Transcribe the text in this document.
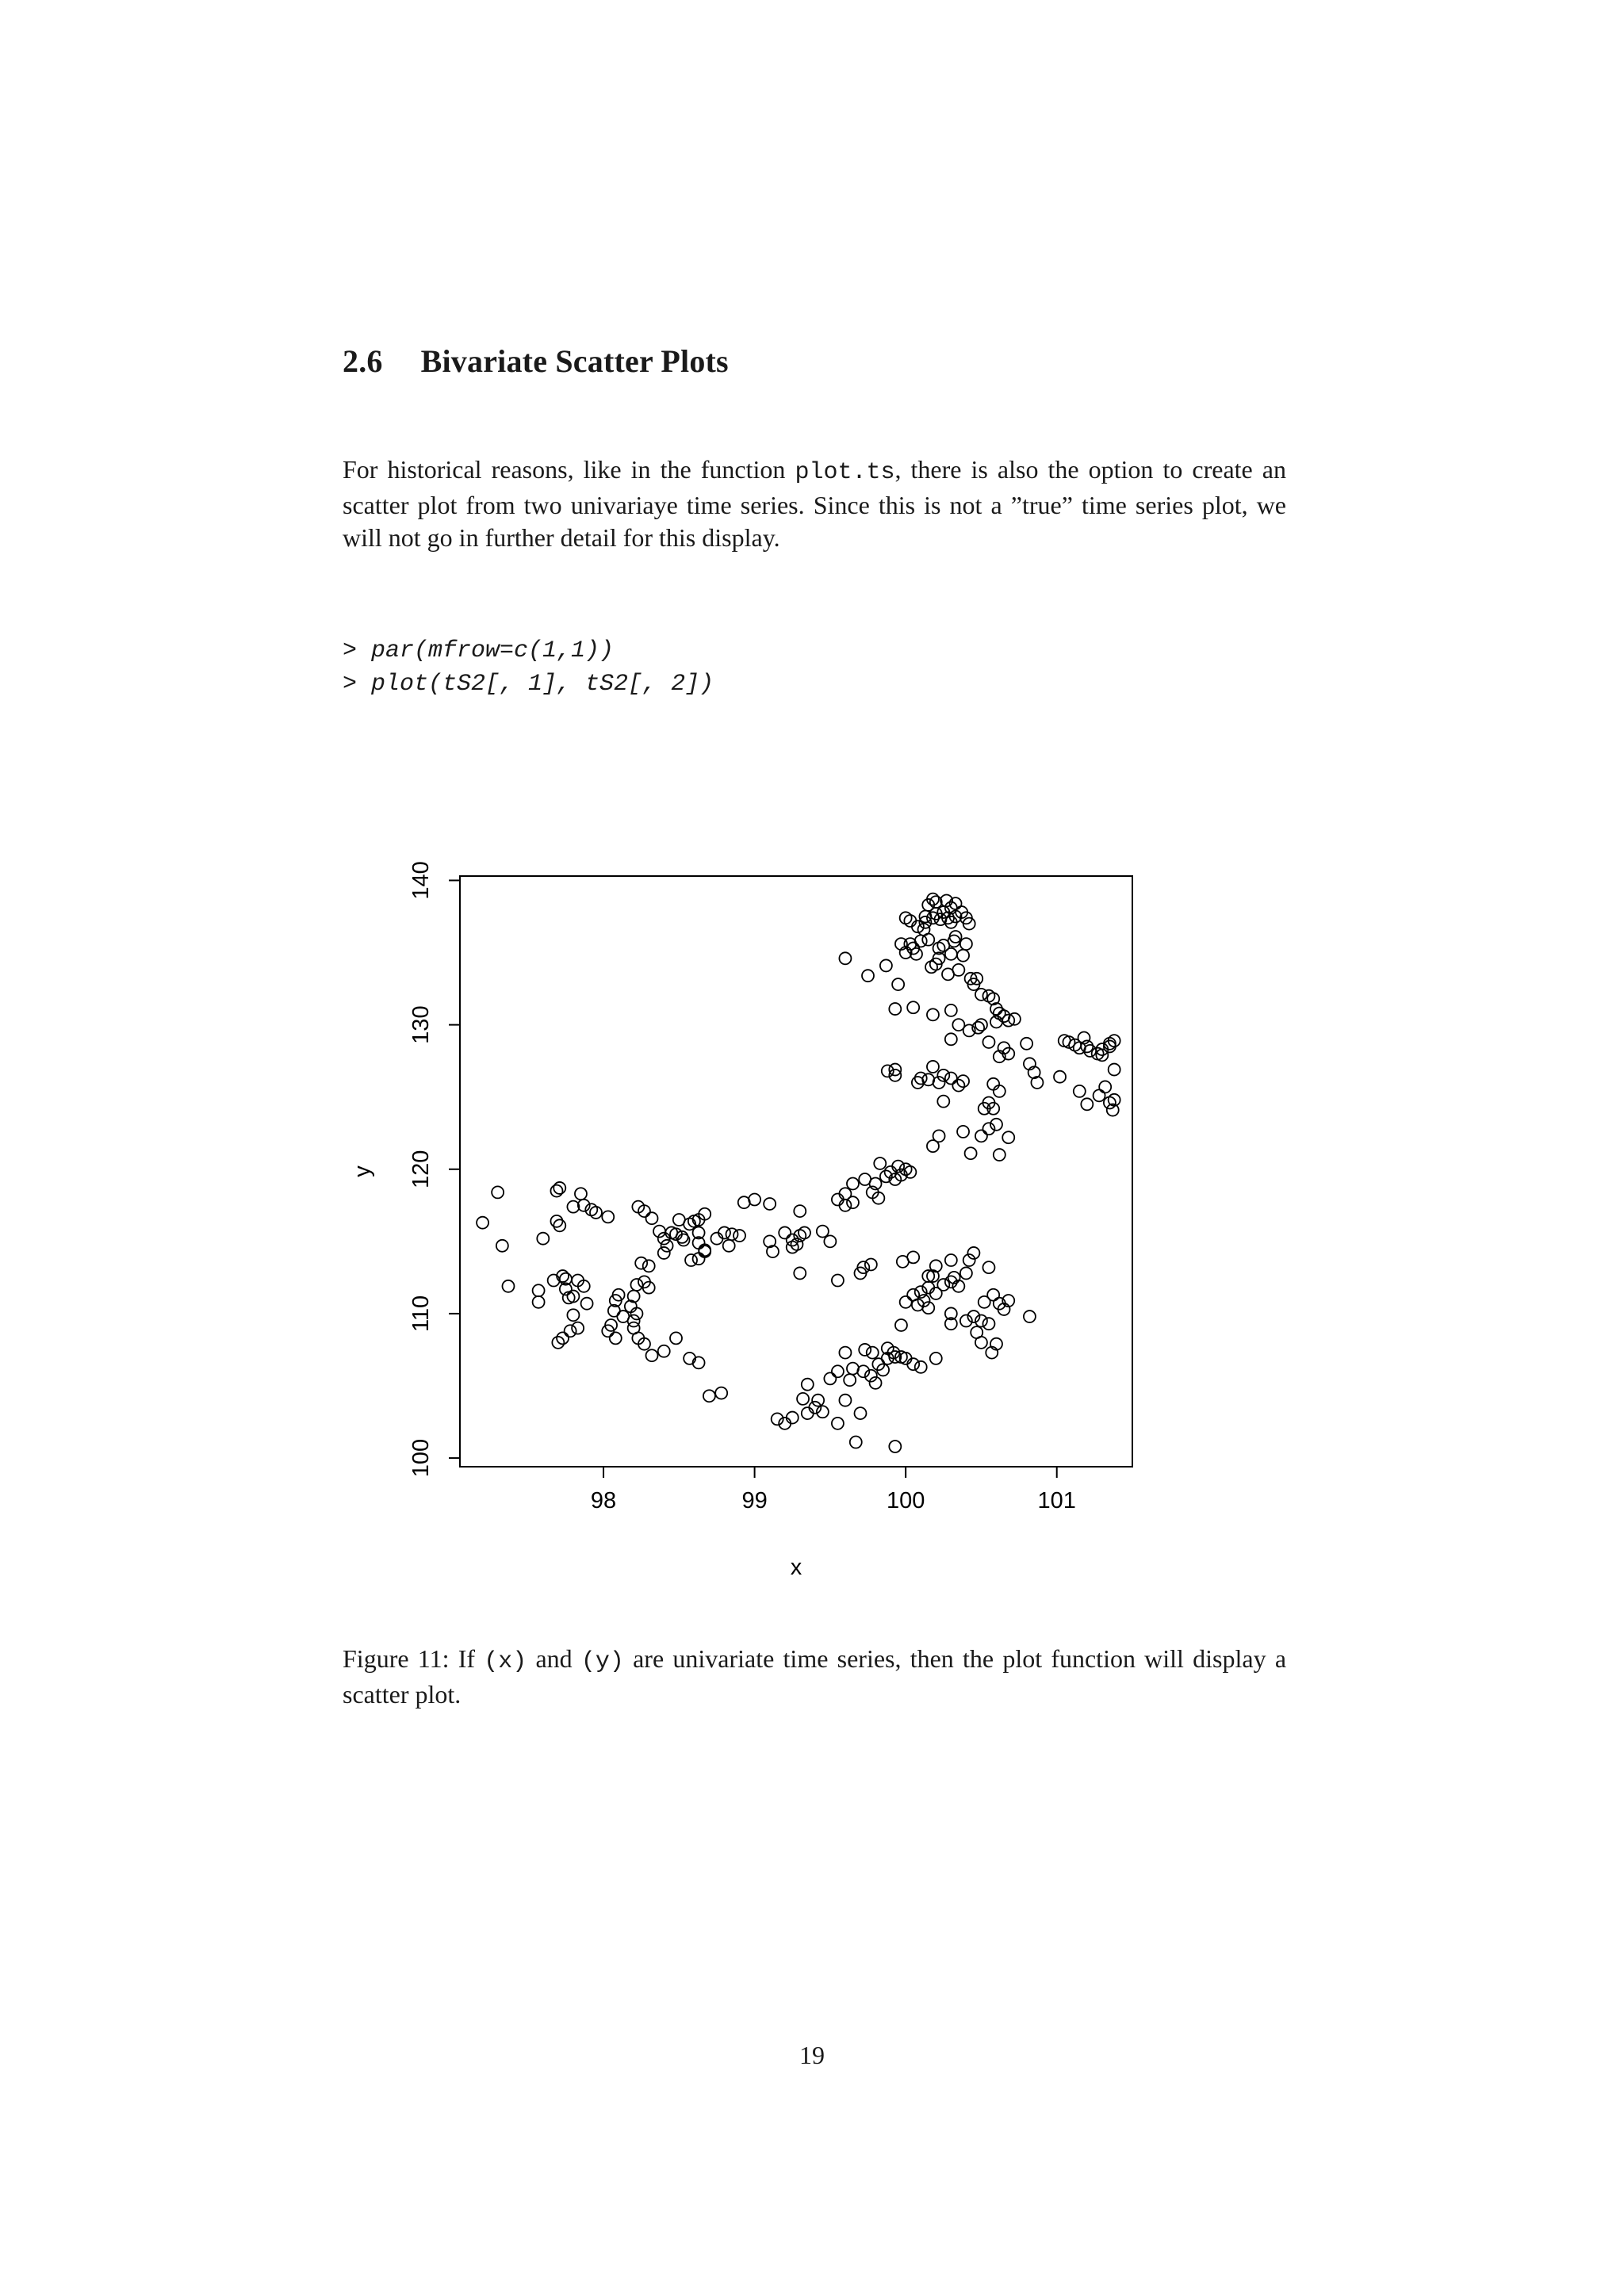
2.6 Bivariate Scatter Plots

For historical reasons, like in the function plot.ts, there is also the option to create an scatter plot from two univariaye time series. Since this is not a ”true” time series plot, we will not go in further detail for this display.

> par(mfrow=c(1,1))
> plot(tS2[, 1], tS2[, 2])
98	99	100	101
100
110
120
130
140
x
y

Figure 11: If (x) and (y) are univariate time series, then the plot function will display a scatter plot.

19
